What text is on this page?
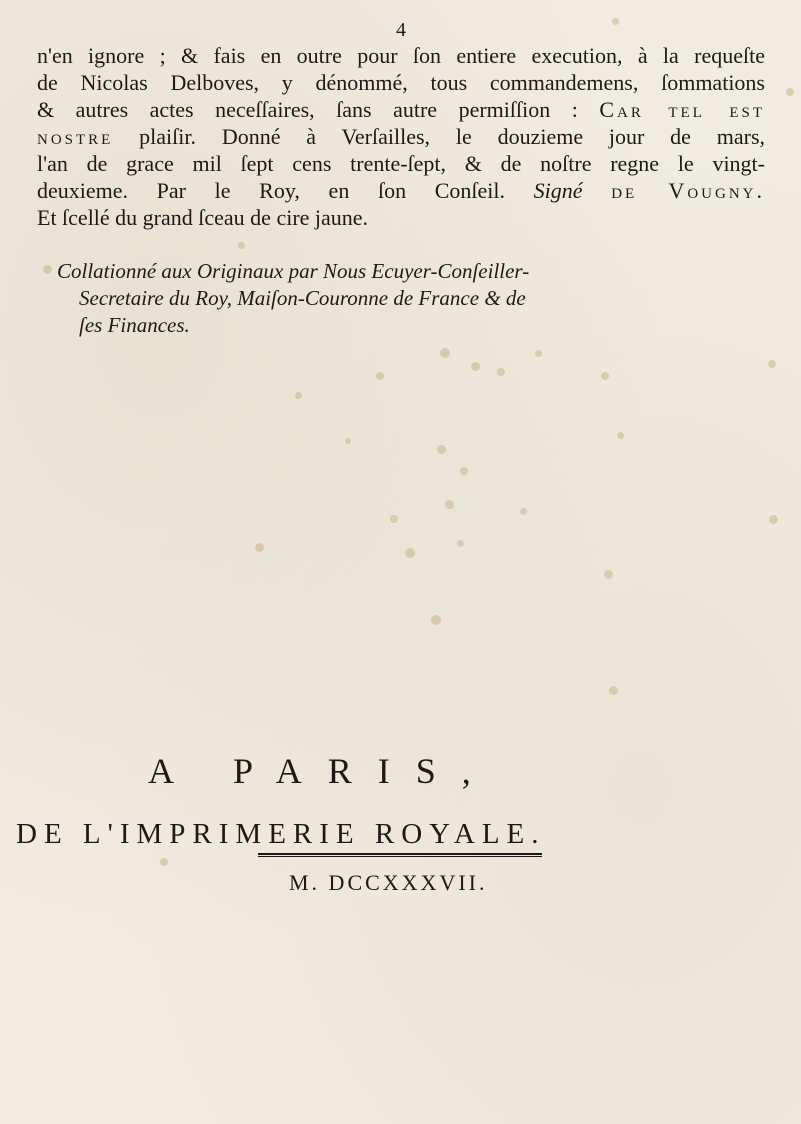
4
n'en ignore ; & fais en outre pour ſon entiere execution, à la requeſte
de Nicolas Delboves, y dénommé, tous commandemens, ſommations
& autres actes neceſſaires, ſans autre permiſſion : Car tel est
nostre plaiſir. Donné à Verſailles, le douzieme jour de mars,
l'an de grace mil ſept cens trente-ſept, & de noſtre regne le vingt-
deuxieme. Par le Roy, en ſon Conſeil. Signé de Vougny.
Et ſcellé du grand ſceau de cire jaune.
Collationné aux Originaux par Nous Ecuyer-Conſeiller-
Secretaire du Roy, Maiſon-Couronne de France & de
ſes Finances.
A PARIS,
DE L'IMPRIMERIE ROYALE.
M. DCCXXXVII.
